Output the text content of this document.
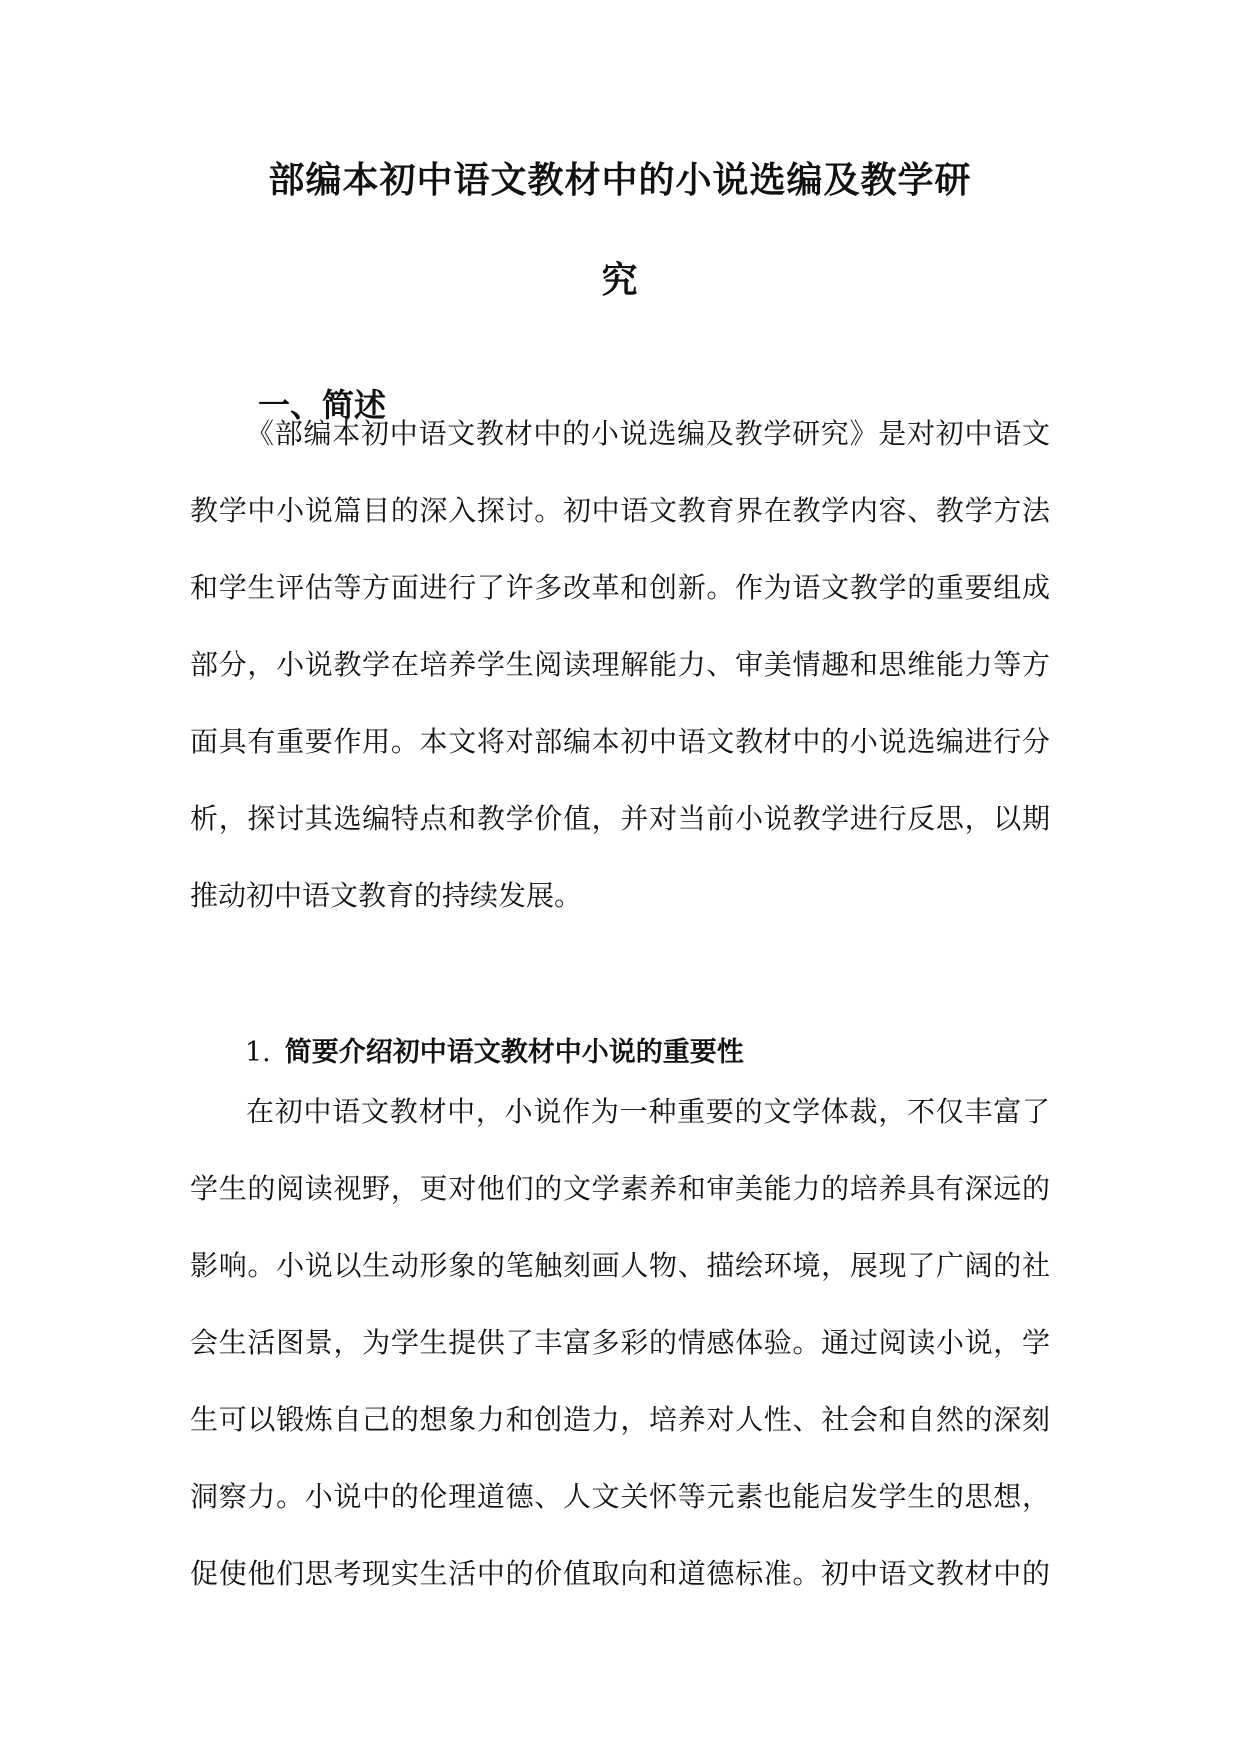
部编本初中语文教材中的小说选编及教学研
究
一、简述
《部编本初中语文教材中的小说选编及教学研究》是对初中语文
教学中小说篇目的深入探讨。初中语文教育界在教学内容、教学方法
和学生评估等方面进行了许多改革和创新。作为语文教学的重要组成
部分，小说教学在培养学生阅读理解能力、审美情趣和思维能力等方
面具有重要作用。本文将对部编本初中语文教材中的小说选编进行分
析，探讨其选编特点和教学价值，并对当前小说教学进行反思，以期
推动初中语文教育的持续发展。
1. 简要介绍初中语文教材中小说的重要性
在初中语文教材中，小说作为一种重要的文学体裁，不仅丰富了
学生的阅读视野，更对他们的文学素养和审美能力的培养具有深远的
影响。小说以生动形象的笔触刻画人物、描绘环境，展现了广阔的社
会生活图景，为学生提供了丰富多彩的情感体验。通过阅读小说，学
生可以锻炼自己的想象力和创造力，培养对人性、社会和自然的深刻
洞察力。小说中的伦理道德、人文关怀等元素也能启发学生的思想，
促使他们思考现实生活中的价值取向和道德标准。初中语文教材中的
